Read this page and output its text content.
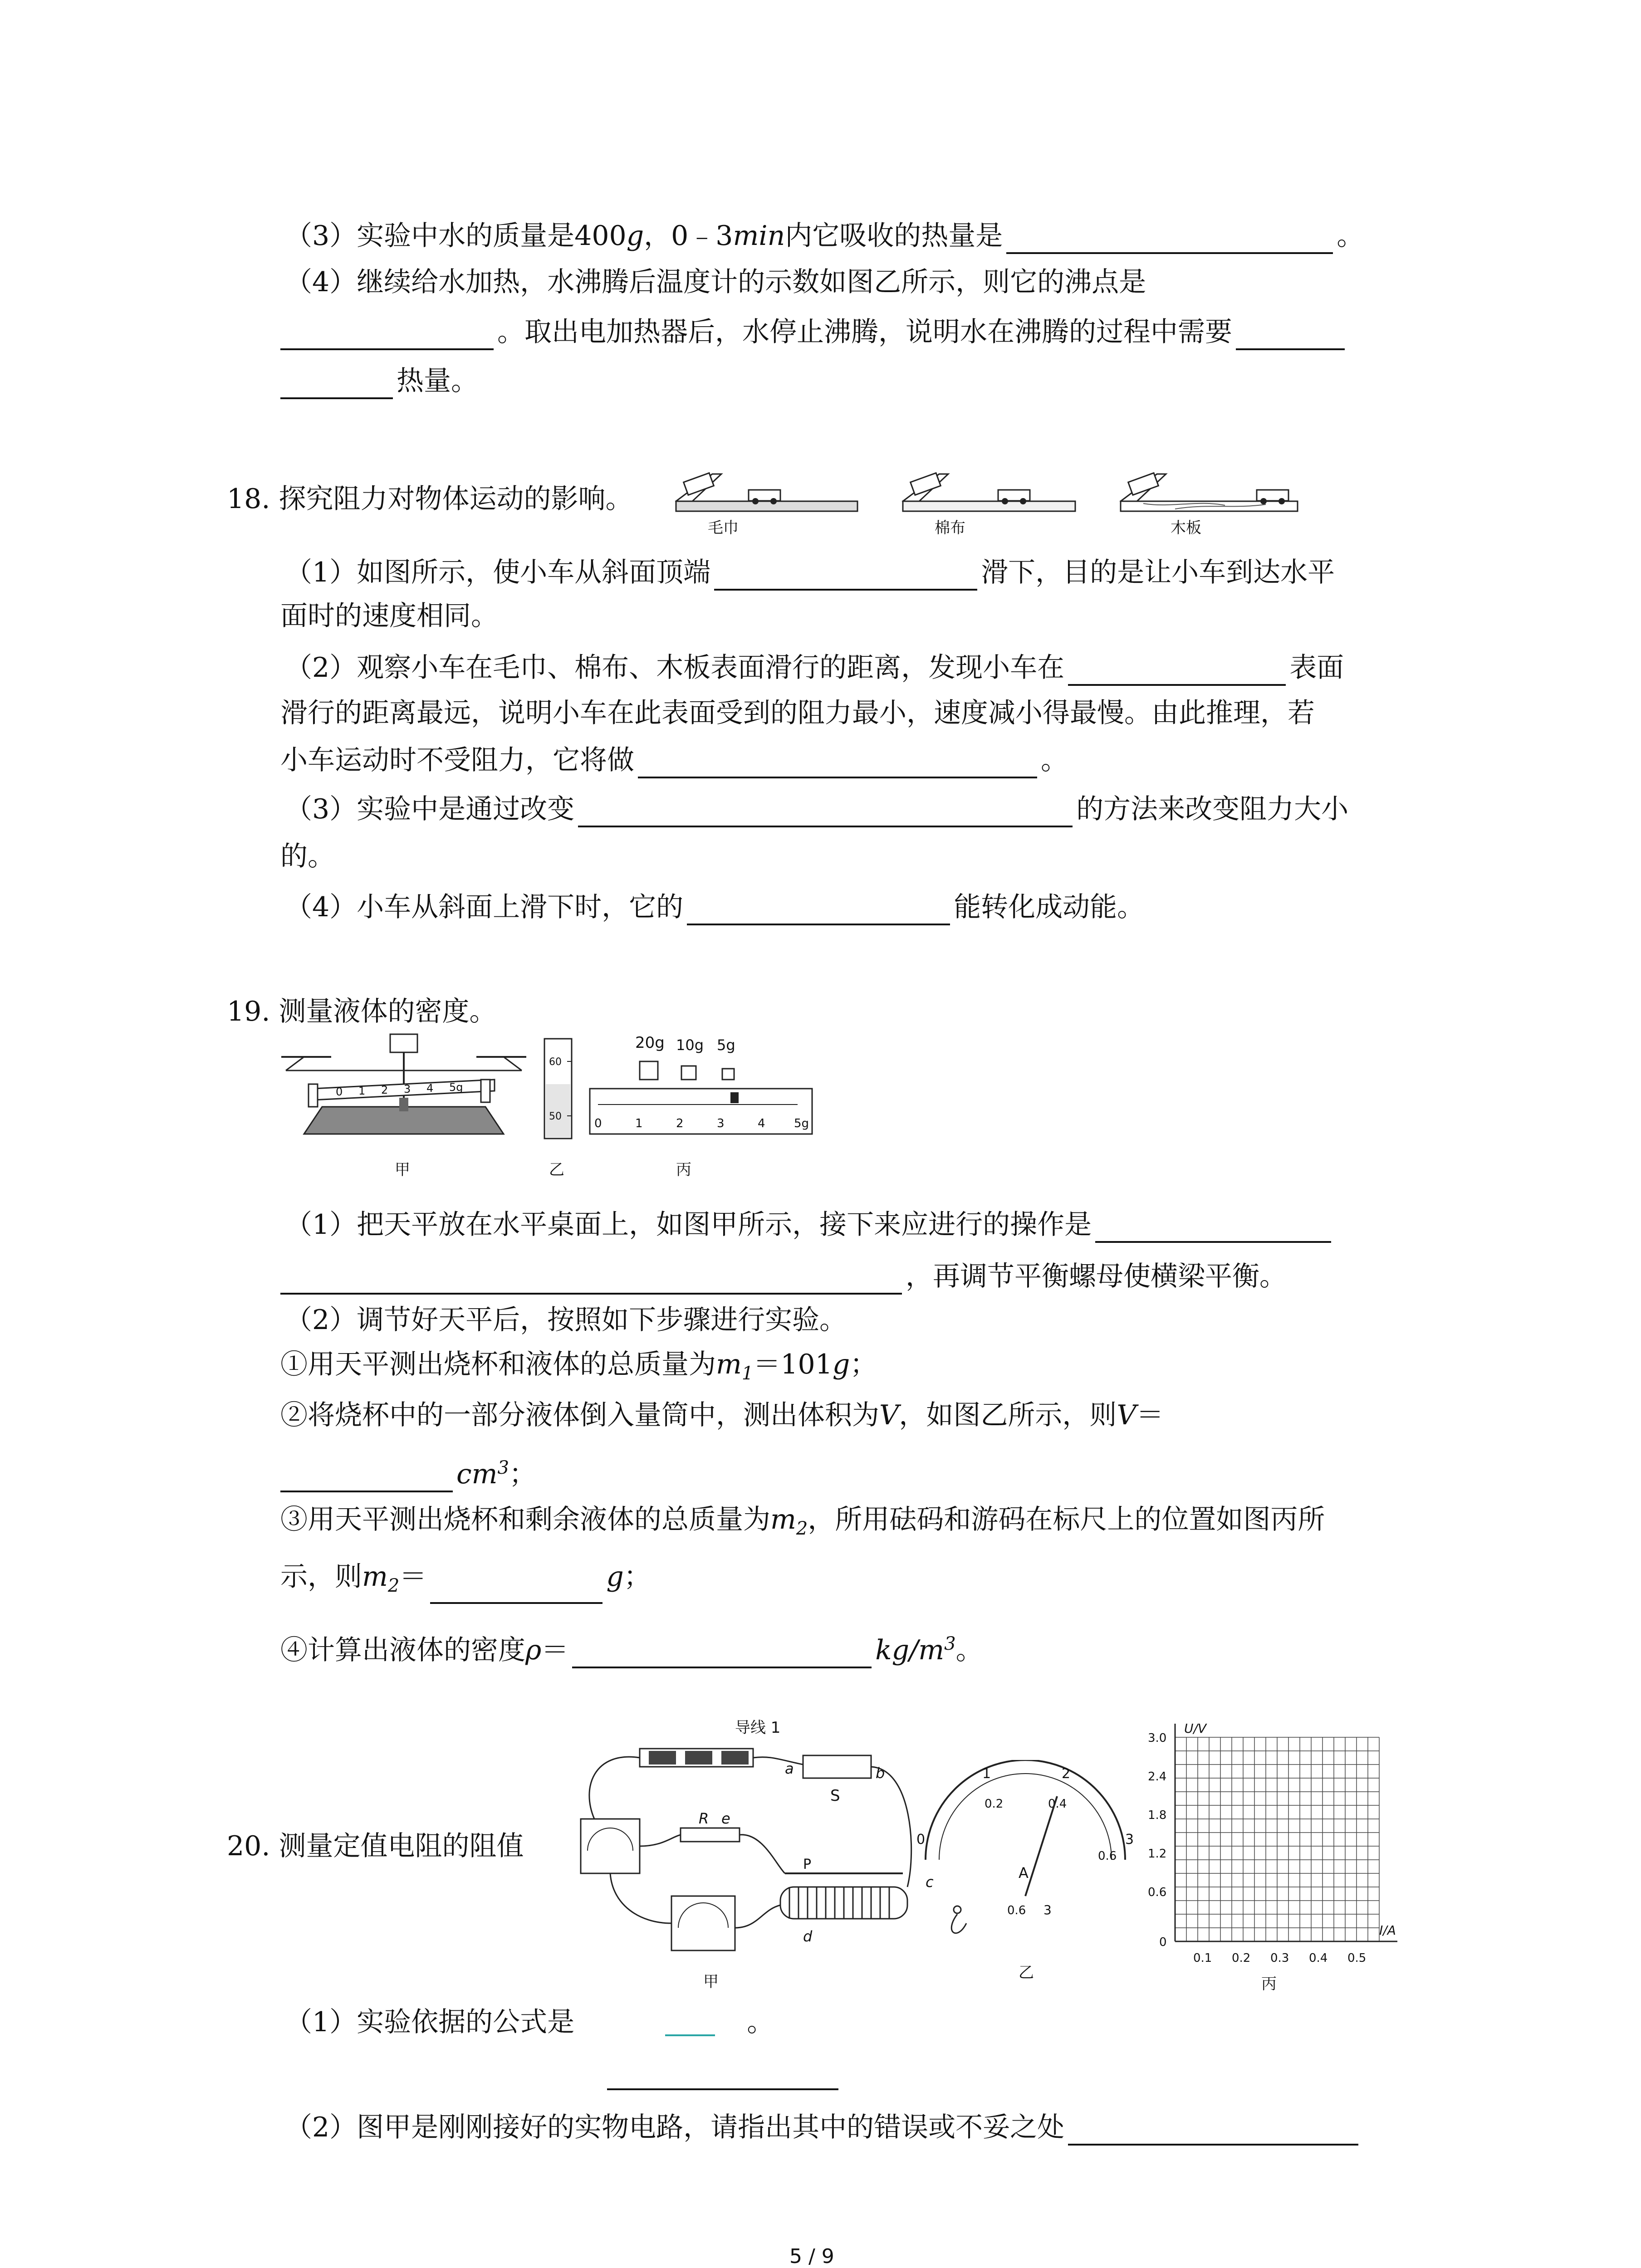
（3）实验中水的质量是400g，0﹣3min内它吸收的热量是	。
（4）继续给水加热，水沸腾后温度计的示数如图乙所示，则它的沸点是
。取出电加热器后，水停止沸腾，说明水在沸腾的过程中需要
热量。
18. 探究阻力对物体运动的影响。
毛巾	棉布	木板
（1）如图所示，使小车从斜面顶端	滑下，目的是让小车到达水平
面时的速度相同。
（2）观察小车在毛巾、棉布、木板表面滑行的距离，发现小车在	表面
滑行的距离最远，说明小车在此表面受到的阻力最小，速度减小得最慢。由此推理，若
小车运动时不受阻力，它将做	。
（3）实验中是通过改变	的方法来改变阻力大小
的。
（4）小车从斜面上滑下时，它的	能转化成动能。
19. 测量液体的密度。
0 1 2 3 4 5g
甲
60
50
乙
20g 10g 5g
0	1	2	3	4 5g
丙
（1）把天平放在水平桌面上，如图甲所示，接下来应进行的操作是
，再调节平衡螺母使横梁平衡。
（2）调节好天平后，按照如下步骤进行实验。
①用天平测出烧杯和液体的总质量为$m_1=101g$；
②将烧杯中的一部分液体倒入量筒中，测出体积为V，如图乙所示，则V＝
$cm^3$；
③用天平测出烧杯和剩余液体的总质量为$m_2$，所用砝码和游码在标尺上的位置如图丙所
示，则$m_2=$	g；
④计算出液体的密度ρ＝	$kg/m^3$。
20. 测量定值电阻的阻值
导线 1
a	b
S
R e
P
c
d
甲
0
1	2
3
0.2	0.4
0.6
A
0.6 3
乙
U/V
I/A
3.0
2.4
1.8
1.2
0.6
0
0.1 0.2 0.3 0.4 0.5
丙
（1）实验依据的公式是	。
（2）图甲是刚刚接好的实物电路，请指出其中的错误或不妥之处
5 / 9
